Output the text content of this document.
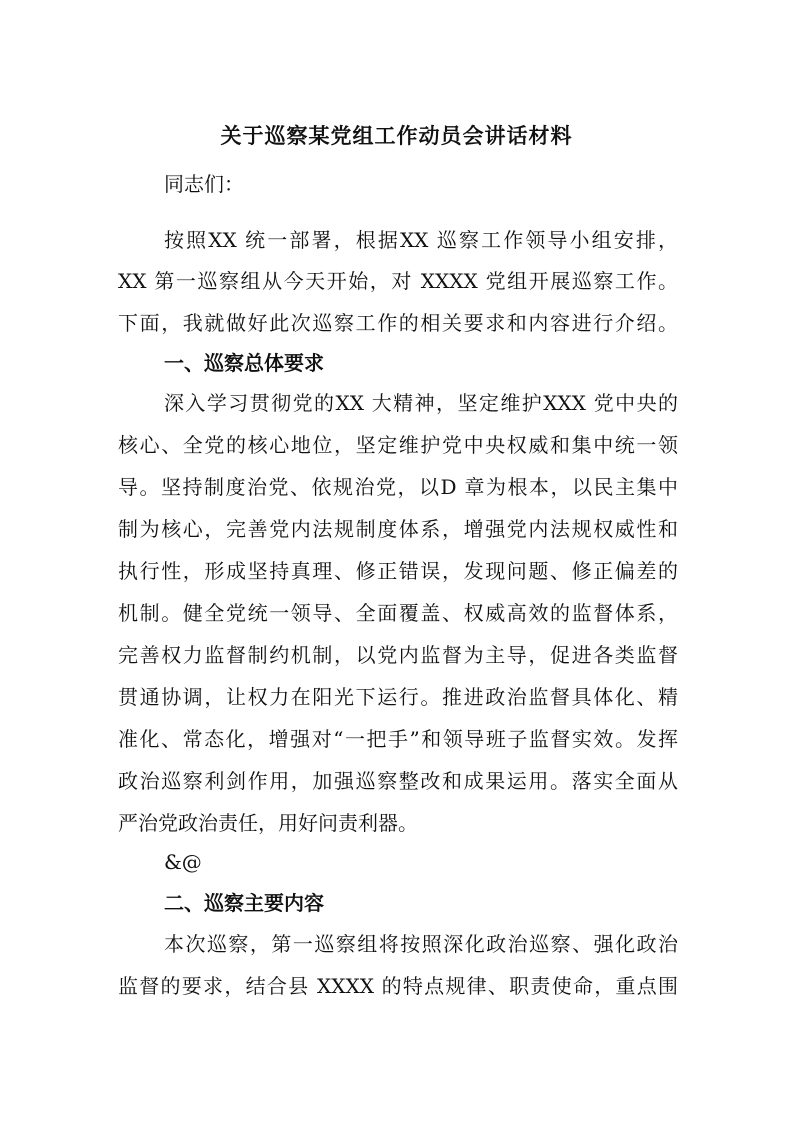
关于巡察某党组工作动员会讲话材料
同志们：
按照XX 统一部署，根据XX 巡察工作领导小组安排，
XX 第一巡察组从今天开始，对 XXXX 党组开展巡察工作。
下面，我就做好此次巡察工作的相关要求和内容进行介绍。
一、巡察总体要求
深入学习贯彻党的XX 大精神，坚定维护XXX 党中央的
核心、全党的核心地位，坚定维护党中央权威和集中统一领
导。坚持制度治党、依规治党，以D 章为根本，以民主集中
制为核心，完善党内法规制度体系，增强党内法规权威性和
执行性，形成坚持真理、修正错误，发现问题、修正偏差的
机制。健全党统一领导、全面覆盖、权威高效的监督体系，
完善权力监督制约机制，以党内监督为主导，促进各类监督
贯通协调，让权力在阳光下运行。推进政治监督具体化、精
准化、常态化，增强对“一把手”和领导班子监督实效。发挥
政治巡察利剑作用，加强巡察整改和成果运用。落实全面从
严治党政治责任，用好问责利器。
&@
二、巡察主要内容
本次巡察，第一巡察组将按照深化政治巡察、强化政治
监督的要求，结合县 XXXX 的特点规律、职责使命，重点围
